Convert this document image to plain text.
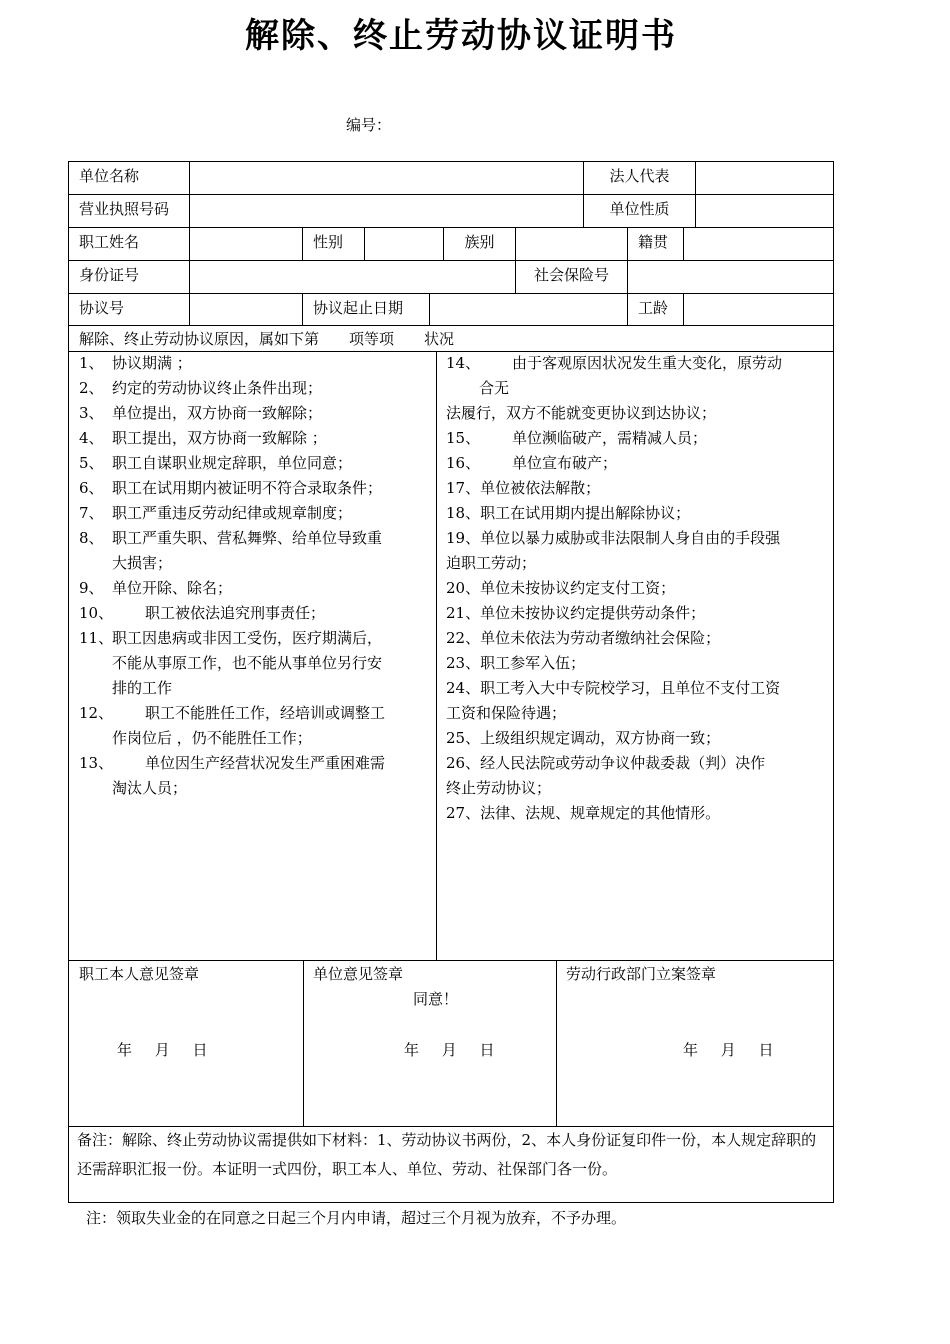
解除、终止劳动协议证明书
编号：
单位名称	法人代表
营业执照号码	单位性质
职工姓名	性别	族别	籍贯
身份证号	社会保险号
协议号	协议起止日期	工龄
解除、终止劳动协议原因，属如下第　　项等项　　状况
1、 协议期满 ；
2、 约定的劳动协议终止条件出现；
3、 单位提出，双方协商一致解除；
4、 职工提出，双方协商一致解除 ；
5、 职工自谋职业规定辞职，单位同意；
6、 职工在试用期内被证明不符合录取条件；
7、 职工严重违反劳动纪律或规章制度；
8、 职工严重失职、营私舞弊、给单位导致重
大损害；
9、 单位开除、除名；
10、	职工被依法追究刑事责任；
11、
职工因患病或非因工受伤，医疗期满后，
不能从事原工作，也不能从事单位另行安
排的工作
12、	职工不能胜任工作，经培训或调整工
作岗位后 ，仍不能胜任工作；
13、	单位因生产经营状况发生严重困难需
淘汰人员；
14、	由于客观原因状况发生重大变化，原劳动
合无
法履行，双方不能就变更协议到达协议；
15、	单位濒临破产，需精减人员；
16、	单位宣布破产；
17、单位被依法解散；
18、职工在试用期内提出解除协议；
19、单位以暴力威胁或非法限制人身自由的手段强
迫职工劳动；
20、单位未按协议约定支付工资；
21、单位未按协议约定提供劳动条件；
22、单位未依法为劳动者缴纳社会保险；
23、职工参军入伍；
24、职工考入大中专院校学习，且单位不支付工资
工资和保险待遇；
25、上级组织规定调动，双方协商一致；
26、经人民法院或劳动争议仲裁委裁（判）决作
终止劳动协议；
27、法律、法规、规章规定的其他情形。
职工本人意见签章
年　 月　 日
单位意见签章
同意！
年　 月　 日
劳动行政部门立案签章
年　 月　 日
备注：解除、终止劳动协议需提供如下材料：1、劳动协议书两份，2、本人身份证复印件一份，本人规定辞职的还需辞职汇报一份。本证明一式四份，职工本人、单位、劳动、社保部门各一份。
注：领取失业金的在同意之日起三个月内申请，超过三个月视为放弃，不予办理。
